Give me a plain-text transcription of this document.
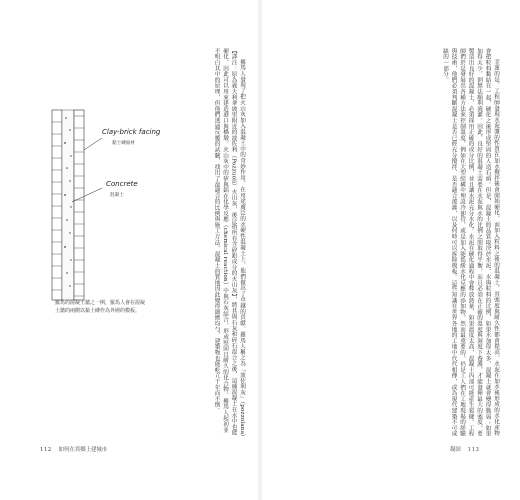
羅馬人發現了把火山灰加入混凝土中的奇妙作用，在用途廣泛的水硬性混凝土上，他們做出了卓越的貢獻。羅馬人稱之為「波佐利灰」（pozzolana）【譯注：原為義大利拿坡里附近的波佐利（Pozzuoli）火山灰，後泛指所有含矽鋁成分的火山灰】，將其與石灰和碎石混合之後，這種混凝土在水中也能硬化，因此可以用來建造港口與橋墩。火山灰中的矽與鋁在化學反應（chemical reaction）中與石灰結合，形成堅固且耐久的化合物。羅馬人起初並不明白其中的原理，但他們透過反覆的試驗，找出了最適合的比例與施工方法。混凝土的質地因此變得細緻均勻，建築物也能屹立千年而不倒。

Clay-brick facing
黏土磚面材
Concrete
混凝土
羅馬的混凝土牆之一例，羅馬人會在混凝土牆的兩側以黏土磚作為外層的模板。
112 如何在異鄉上建城市

幸運的是，工程師發現水泥漿的性質在加水攪拌後會開始硬化，而加入粒料之後的混凝土，其強度與耐久性都會提高。水泥在加水後形成的水化產物會把粒料黏結在一起，硬化之後形成堅固的人造石頭。但是，混凝土的品質取決於水泥、水與粒料的比例，如果水加得太多，混凝土就會變得脆弱；如果加得太少，則無法順利澆灌。因此，良好的混凝土需要在水泥與水的比例之間取得平衡，而且必須在正確的溫度與濕度下養護，才能發揮最大的強度。要製造出良好的混凝土，必須採用正確的成分比例，並且讓水泥充分水化。水泥在硬化過程中會釋放熱量，如果溫度太高，混凝土內部可能產生裂縫。工程師們於是發展出各種方法來控制溫度，例如在大型結構中埋設冷卻管，或是加入能延緩水化反應的添加物。然而最重要的，仍是工人們在工地現場的經驗與技術，他們必須判斷混凝土是否已經充分攪拌、是否適合澆灌，以及何時可以拆除模板。這些知識在世界各地的工地中代代相傳，成為現代建築不可或缺的一部分。

凝固 113
